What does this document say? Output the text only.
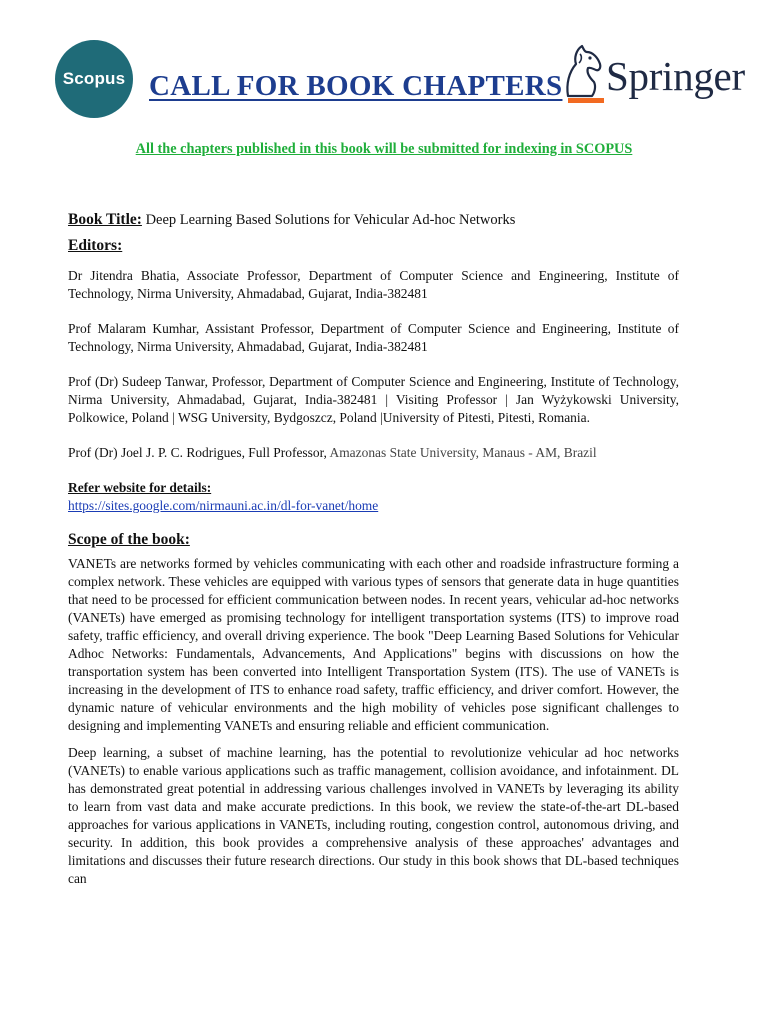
Scopus CALL FOR BOOK CHAPTERS Springer

All the chapters published in this book will be submitted for indexing in SCOPUS

Book Title: Deep Learning Based Solutions for Vehicular Ad-hoc Networks

Editors:

Dr Jitendra Bhatia, Associate Professor, Department of Computer Science and Engineering, Institute of Technology, Nirma University, Ahmadabad, Gujarat, India-382481

Prof Malaram Kumhar, Assistant Professor, Department of Computer Science and Engineering, Institute of Technology, Nirma University, Ahmadabad, Gujarat, India-382481

Prof (Dr) Sudeep Tanwar, Professor, Department of Computer Science and Engineering, Institute of Technology, Nirma University, Ahmadabad, Gujarat, India-382481 | Visiting Professor | Jan Wyżykowski University, Polkowice, Poland | WSG University, Bydgoszcz, Poland |University of Pitesti, Pitesti, Romania.

Prof (Dr) Joel J. P. C. Rodrigues, Full Professor, Amazonas State University, Manaus - AM, Brazil

Refer website for details:

https://sites.google.com/nirmauni.ac.in/dl-for-vanet/home

Scope of the book:

VANETs are networks formed by vehicles communicating with each other and roadside infrastructure forming a complex network. These vehicles are equipped with various types of sensors that generate data in huge quantities that need to be processed for efficient communication between nodes. In recent years, vehicular ad-hoc networks (VANETs) have emerged as promising technology for intelligent transportation systems (ITS) to improve road safety, traffic efficiency, and overall driving experience. The book "Deep Learning Based Solutions for Vehicular Adhoc Networks: Fundamentals, Advancements, And Applications" begins with discussions on how the transportation system has been converted into Intelligent Transportation System (ITS). The use of VANETs is increasing in the development of ITS to enhance road safety, traffic efficiency, and driver comfort. However, the dynamic nature of vehicular environments and the high mobility of vehicles pose significant challenges to designing and implementing VANETs and ensuring reliable and efficient communication.

Deep learning, a subset of machine learning, has the potential to revolutionize vehicular ad hoc networks (VANETs) to enable various applications such as traffic management, collision avoidance, and infotainment. DL has demonstrated great potential in addressing various challenges involved in VANETs by leveraging its ability to learn from vast data and make accurate predictions. In this book, we review the state-of-the-art DL-based approaches for various applications in VANETs, including routing, congestion control, autonomous driving, and security. In addition, this book provides a comprehensive analysis of these approaches' advantages and limitations and discusses their future research directions. Our study in this book shows that DL-based techniques can
